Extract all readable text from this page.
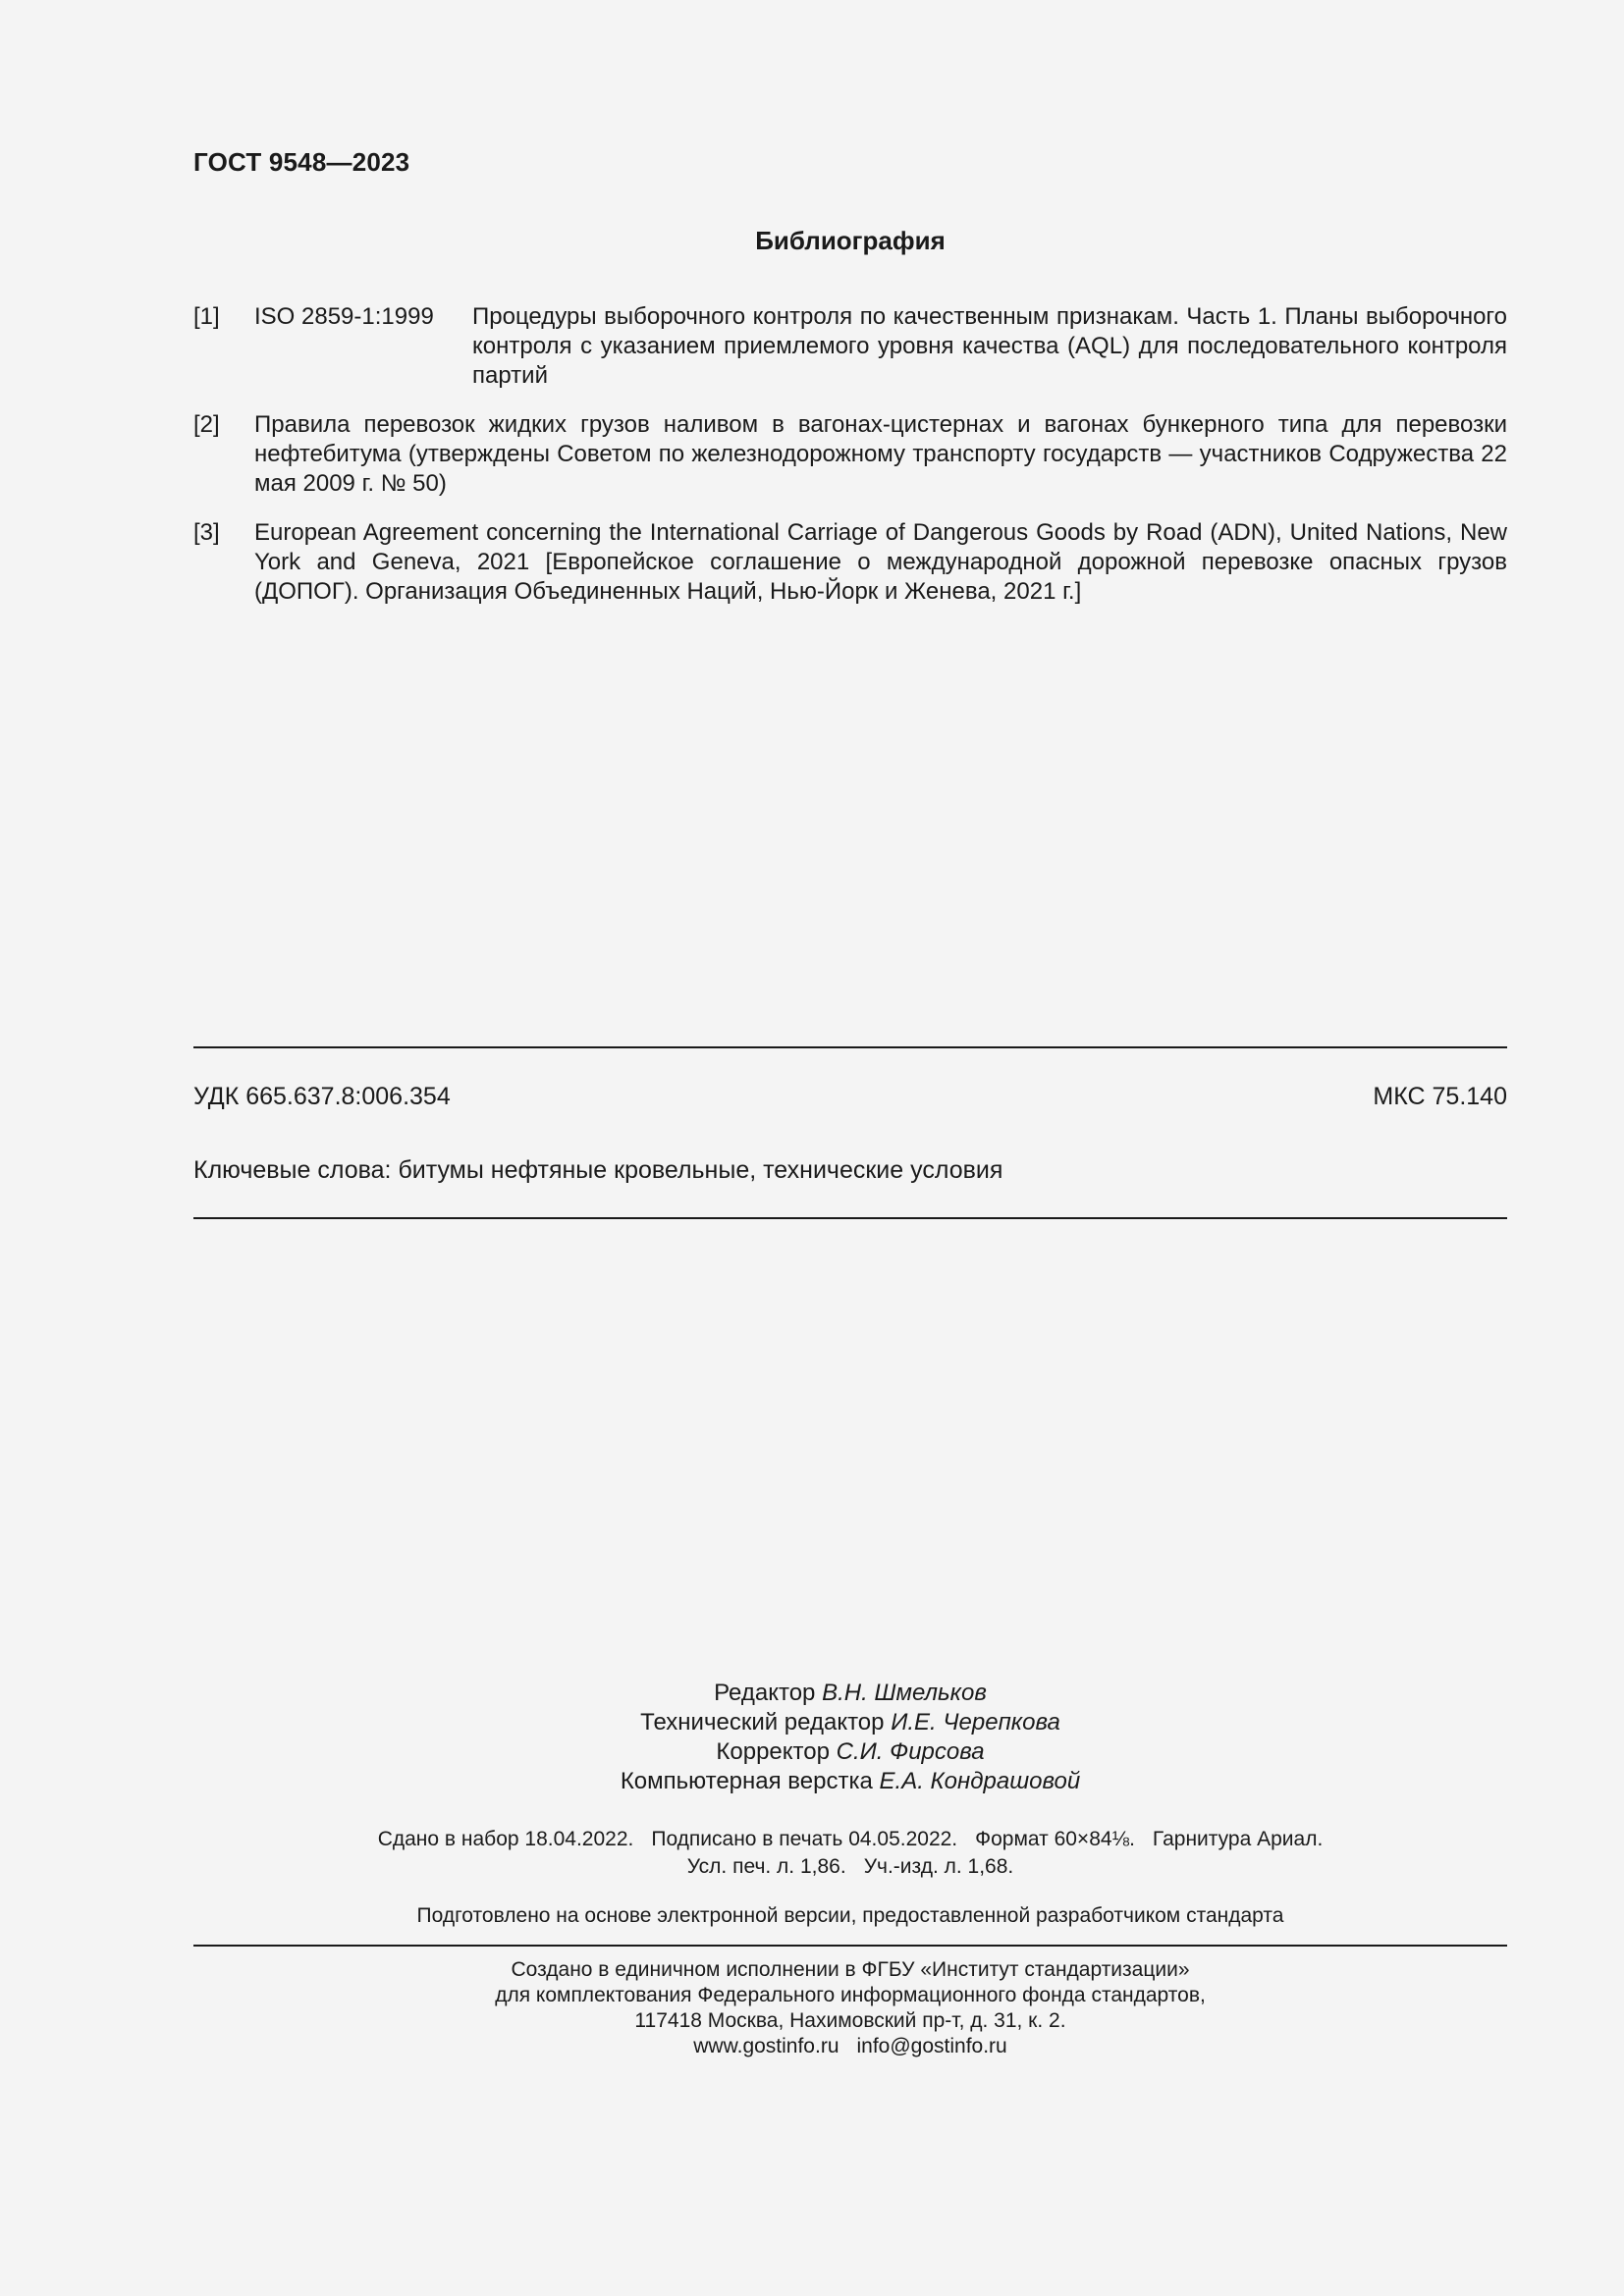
ГОСТ 9548—2023
Библиография
[1] ISO 2859-1:1999 Процедуры выборочного контроля по качественным признакам. Часть 1. Планы выборочного контроля с указанием приемлемого уровня качества (AQL) для последовательного контроля партий
[2] Правила перевозок жидких грузов наливом в вагонах-цистернах и вагонах бункерного типа для перевозки нефтебитума (утверждены Советом по железнодорожному транспорту государств — участников Содружества 22 мая 2009 г. № 50)
[3] European Agreement concerning the International Carriage of Dangerous Goods by Road (ADN), United Nations, New York and Geneva, 2021 [Европейское соглашение о международной дорожной перевозке опасных грузов (ДОПОГ). Организация Объединенных Наций, Нью-Йорк и Женева, 2021 г.]
УДК 665.637.8:006.354	МКС 75.140
Ключевые слова: битумы нефтяные кровельные, технические условия
Редактор В.Н. Шмельков
Технический редактор И.Е. Черепкова
Корректор С.И. Фирсова
Компьютерная верстка Е.А. Кондрашовой
Сдано в набор 18.04.2022. Подписано в печать 04.05.2022. Формат 60×84⅛. Гарнитура Ариал.
Усл. печ. л. 1,86. Уч.-изд. л. 1,68.
Подготовлено на основе электронной версии, предоставленной разработчиком стандарта
Создано в единичном исполнении в ФГБУ «Институт стандартизации»
для комплектования Федерального информационного фонда стандартов,
117418 Москва, Нахимовский пр-т, д. 31, к. 2.
www.gostinfo.ru info@gostinfo.ru
